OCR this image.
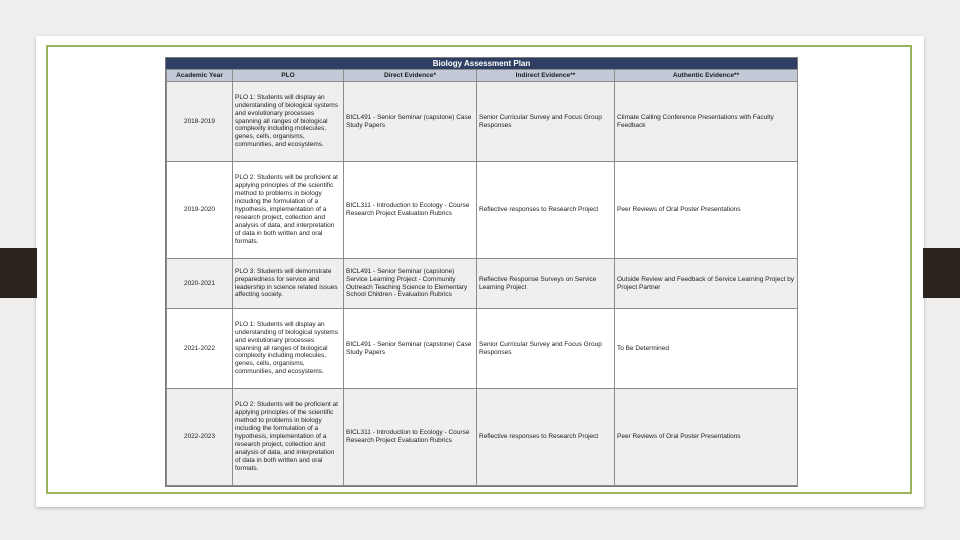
Biology Assessment Plan
Academic Year	PLO	Direct Evidence*	Indirect Evidence**	Authentic Evidence**
2018-2019	PLO 1: Students will display an understanding of biological systems and evolutionary processes spanning all ranges of biological complexity including molecules, genes, cells, organisms, communities, and ecosystems.	BICL491 - Senior Seminar (capstone) Case Study Papers	Senior Curricular Survey and Focus Group Responses	Climate Calling Conference Presentations with Faculty Feedback
2019-2020	PLO 2: Students will be proficient at applying principles of the scientific method to problems in biology including the formulation of a hypothesis, implementation of a research project, collection and analysis of data, and interpretation of data in both written and oral formats.	BICL311 - Introduction to Ecology - Course Research Project Evaluation Rubrics	Reflective responses to Research Project	Peer Reviews of Oral Poster Presentations
2020-2021	PLO 3: Students will demonstrate preparedness for service and leadership in science related issues affecting society.	BICL491 - Senior Seminar (capstone) Service Learning Project - Community Outreach Teaching Science to Elementary School Children - Evaluation Rubrics	Reflective Response Surveys on Service Learning Project	Outside Review and Feedback of Service Learning Project by Project Partner
2021-2022	PLO 1: Students will display an understanding of biological systems and evolutionary processes spanning all ranges of biological complexity including molecules, genes, cells, organisms, communities, and ecosystems.	BICL491 - Senior Seminar (capstone) Case Study Papers	Senior Curricular Survey and Focus Group Responses	To Be Determined
2022-2023	PLO 2: Students will be proficient at applying principles of the scientific method to problems in biology including the formulation of a hypothesis, implementation of a research project, collection and analysis of data, and interpretation of data in both written and oral formats.	BICL311 - Introduction to Ecology - Course Research Project Evaluation Rubrics	Reflective responses to Research Project	Peer Reviews of Oral Poster Presentations
